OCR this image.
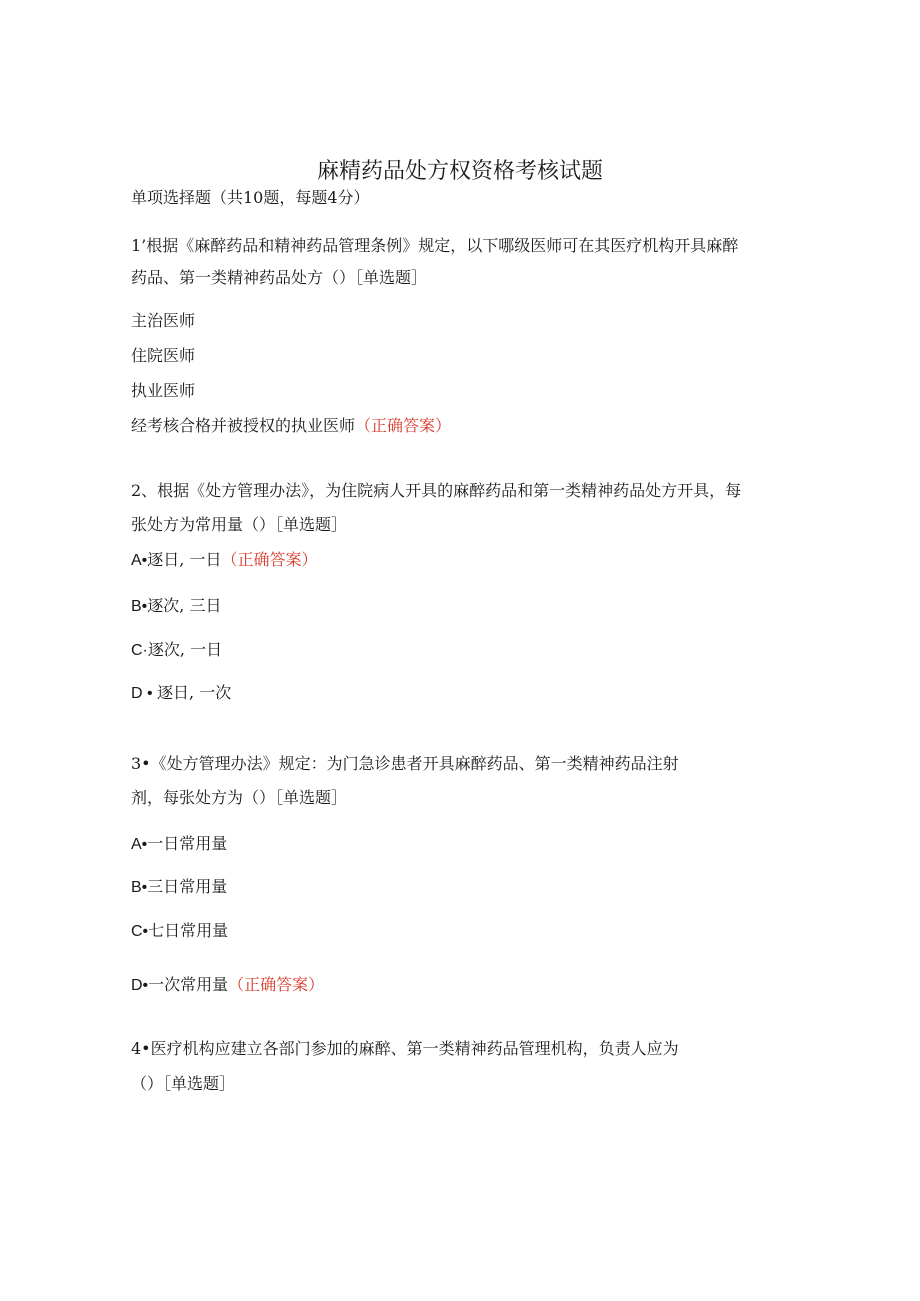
麻精药品处方权资格考核试题
单项选择题（共10题，每题4分）
1’根据《麻醉药品和精神药品管理条例》规定，以下哪级医师可在其医疗机构开具麻醉
药品、第一类精神药品处方（）［单选题］
主治医师
住院医师
执业医师
经考核合格并被授权的执业医师（正确答案）
2、根据《处方管理办法》，为住院病人开具的麻醉药品和第一类精神药品处方开具，每
张处方为常用量（）［单选题］
A•逐日, 一日（正确答案）
B•逐次, 三日
C·逐次, 一日
D • 逐日, 一次
3•《处方管理办法》规定：为门急诊患者开具麻醉药品、第一类精神药品注射
剂，每张处方为（）［单选题］
A•一日常用量
B•三日常用量
C•七日常用量
D•一次常用量（正确答案）
4•医疗机构应建立各部门参加的麻醉、第一类精神药品管理机构，负责人应为
（）［单选题］
